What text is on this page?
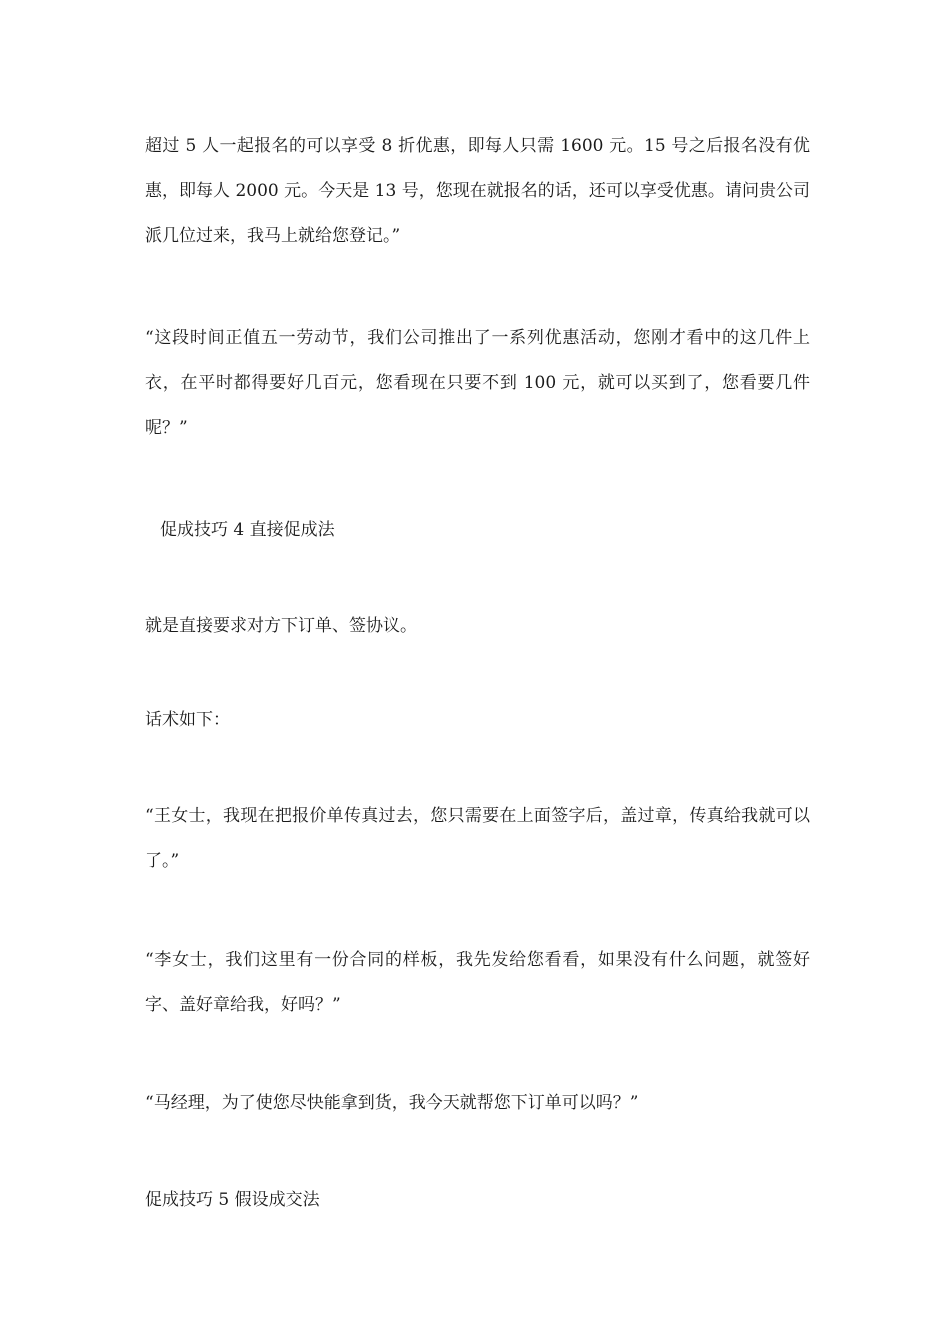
超过 5 人一起报名的可以享受 8 折优惠，即每人只需 1600 元。15 号之后报名没有优惠，即每人 2000 元。今天是 13 号，您现在就报名的话，还可以享受优惠。请问贵公司派几位过来，我马上就给您登记。”

“这段时间正值五一劳动节，我们公司推出了一系列优惠活动，您刚才看中的这几件上衣，在平时都得要好几百元，您看现在只要不到 100 元，就可以买到了，您看要几件呢？”

促成技巧 4 直接促成法

就是直接要求对方下订单、签协议。

话术如下：

“王女士，我现在把报价单传真过去，您只需要在上面签字后，盖过章，传真给我就可以了。”

“李女士，我们这里有一份合同的样板，我先发给您看看，如果没有什么问题，就签好字、盖好章给我，好吗？”

“马经理，为了使您尽快能拿到货，我今天就帮您下订单可以吗？”

促成技巧 5 假设成交法
